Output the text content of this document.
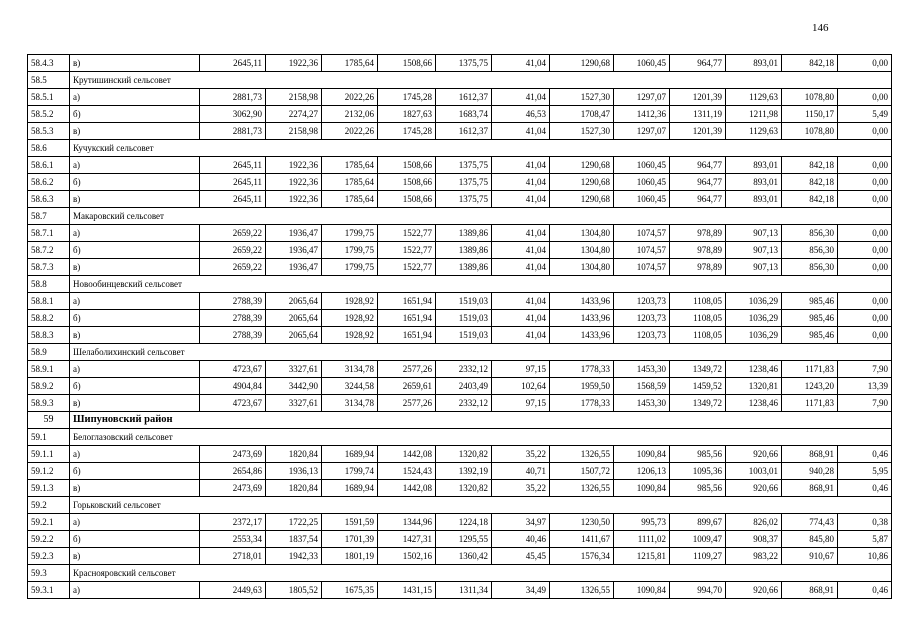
146
58.4.3	в)	2645,11	1922,36	1785,64	1508,66	1375,75	41,04	1290,68	1060,45	964,77	893,01	842,18	0,00
58.5	Крутишинский сельсовет												
58.5.1	а)	2881,73	2158,98	2022,26	1745,28	1612,37	41,04	1527,30	1297,07	1201,39	1129,63	1078,80	0,00
58.5.2	б)	3062,90	2274,27	2132,06	1827,63	1683,74	46,53	1708,47	1412,36	1311,19	1211,98	1150,17	5,49
58.5.3	в)	2881,73	2158,98	2022,26	1745,28	1612,37	41,04	1527,30	1297,07	1201,39	1129,63	1078,80	0,00
58.6	Кучукский сельсовет												
58.6.1	а)	2645,11	1922,36	1785,64	1508,66	1375,75	41,04	1290,68	1060,45	964,77	893,01	842,18	0,00
58.6.2	б)	2645,11	1922,36	1785,64	1508,66	1375,75	41,04	1290,68	1060,45	964,77	893,01	842,18	0,00
58.6.3	в)	2645,11	1922,36	1785,64	1508,66	1375,75	41,04	1290,68	1060,45	964,77	893,01	842,18	0,00
58.7	Макаровский сельсовет												
58.7.1	а)	2659,22	1936,47	1799,75	1522,77	1389,86	41,04	1304,80	1074,57	978,89	907,13	856,30	0,00
58.7.2	б)	2659,22	1936,47	1799,75	1522,77	1389,86	41,04	1304,80	1074,57	978,89	907,13	856,30	0,00
58.7.3	в)	2659,22	1936,47	1799,75	1522,77	1389,86	41,04	1304,80	1074,57	978,89	907,13	856,30	0,00
58.8	Новообинцевский сельсовет												
58.8.1	а)	2788,39	2065,64	1928,92	1651,94	1519,03	41,04	1433,96	1203,73	1108,05	1036,29	985,46	0,00
58.8.2	б)	2788,39	2065,64	1928,92	1651,94	1519,03	41,04	1433,96	1203,73	1108,05	1036,29	985,46	0,00
58.8.3	в)	2788,39	2065,64	1928,92	1651,94	1519,03	41,04	1433,96	1203,73	1108,05	1036,29	985,46	0,00
58.9	Шелаболихинский сельсовет												
58.9.1	а)	4723,67	3327,61	3134,78	2577,26	2332,12	97,15	1778,33	1453,30	1349,72	1238,46	1171,83	7,90
58.9.2	б)	4904,84	3442,90	3244,58	2659,61	2403,49	102,64	1959,50	1568,59	1459,52	1320,81	1243,20	13,39
58.9.3	в)	4723,67	3327,61	3134,78	2577,26	2332,12	97,15	1778,33	1453,30	1349,72	1238,46	1171,83	7,90
59	Шипуновский район												
59.1	Белоглазовский сельсовет												
59.1.1	а)	2473,69	1820,84	1689,94	1442,08	1320,82	35,22	1326,55	1090,84	985,56	920,66	868,91	0,46
59.1.2	б)	2654,86	1936,13	1799,74	1524,43	1392,19	40,71	1507,72	1206,13	1095,36	1003,01	940,28	5,95
59.1.3	в)	2473,69	1820,84	1689,94	1442,08	1320,82	35,22	1326,55	1090,84	985,56	920,66	868,91	0,46
59.2	Горьковский сельсовет												
59.2.1	а)	2372,17	1722,25	1591,59	1344,96	1224,18	34,97	1230,50	995,73	899,67	826,02	774,43	0,38
59.2.2	б)	2553,34	1837,54	1701,39	1427,31	1295,55	40,46	1411,67	1111,02	1009,47	908,37	845,80	5,87
59.2.3	в)	2718,01	1942,33	1801,19	1502,16	1360,42	45,45	1576,34	1215,81	1109,27	983,22	910,67	10,86
59.3	Краснояровский сельсовет												
59.3.1	а)	2449,63	1805,52	1675,35	1431,15	1311,34	34,49	1326,55	1090,84	994,70	920,66	868,91	0,46
